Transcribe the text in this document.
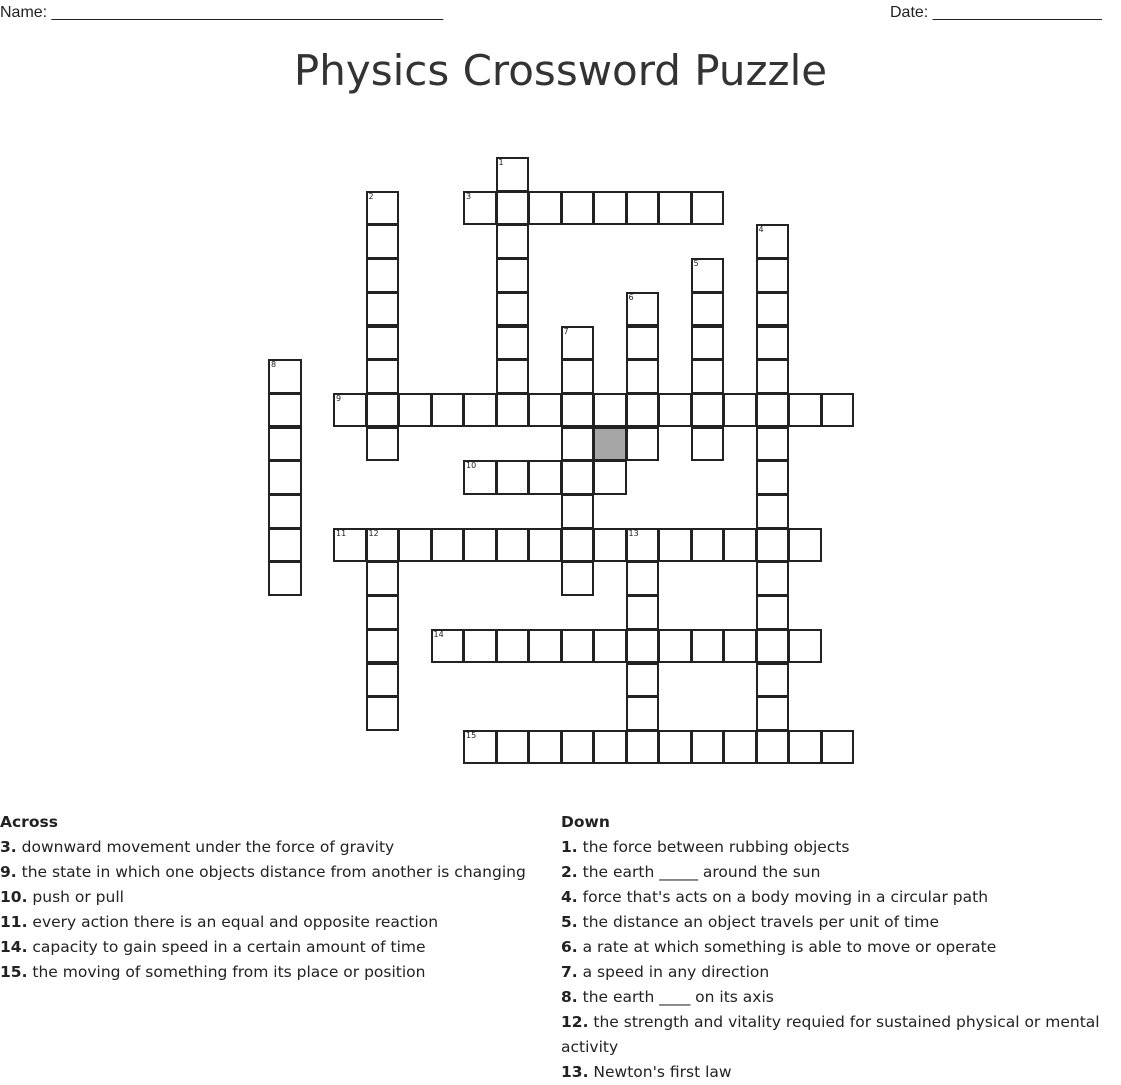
Name: ____________________________________________	Date: ___________________
Physics Crossword Puzzle
1
2	3
4
5
6
7
8
9
10
11	12	13
14
15
Across
3. downward movement under the force of gravity
9. the state in which one objects distance from another is changing
10. push or pull
11. every action there is an equal and opposite reaction
14. capacity to gain speed in a certain amount of time
15. the moving of something from its place or position
Down
1. the force between rubbing objects
2. the earth _____ around the sun
4. force that's acts on a body moving in a circular path
5. the distance an object travels per unit of time
6. a rate at which something is able to move or operate
7. a speed in any direction
8. the earth ____ on its axis
12. the strength and vitality requied for sustained physical or mental activity
13. Newton's first law
